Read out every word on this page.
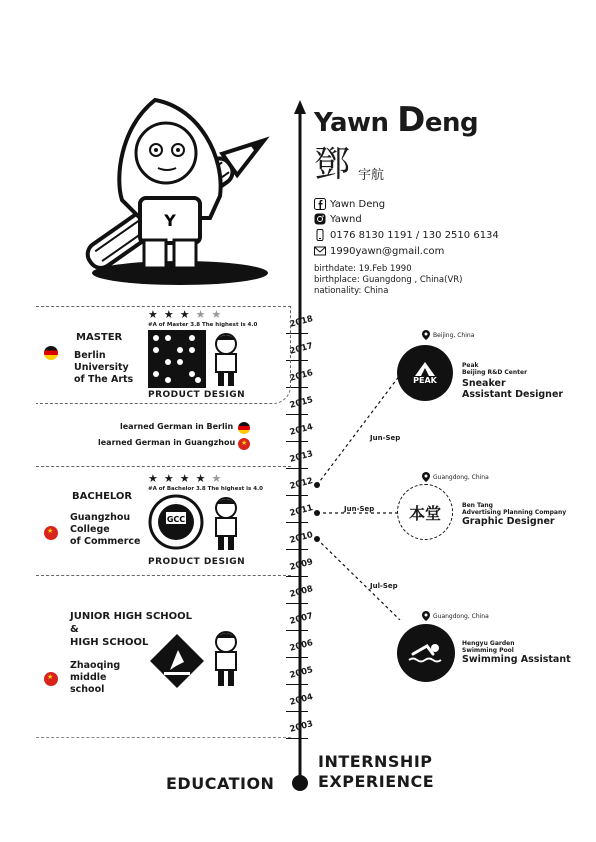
Y
Yawn Deng
鄧 宇航
Yawn Deng
Yawnd
0176 8130 1191 / 130 2510 6134
1990yawn@gmail.com
birthdate: 19.Feb 1990
birthplace: Guangdong , China(VR)
nationality: China
2018
2017
2016
2015
2014
2013
2012
2011
2010
2009
2008
2007
2006
2005
2004
2003
MASTER
Berlin
University
of The Arts
★★★★★
#A of Master 3.8 The highest is 4.0
PRODUCT DESIGN
learned German in Berlin
learned German in Guangzhou
★
★
BACHELOR
Guangzhou
College
of Commerce
★★★★★
#A of Bachelor 3.8 The highest is 4.0
GCC
PRODUCT DESIGN
★
JUNIOR HIGH SCHOOL
&
HIGH SCHOOL
Zhaoqing
middle
school
Beijing, China
PEAK
Peak
Beijing R&D Center
Sneaker
Assistant Designer
Jun-Sep
Guangdong, China
本堂	Ben Tang
Advertising Planning Company
Graphic Designer
Jun-Sep
Guangdong, China
Hengyu Garden
Swimming Pool
Swimming Assistant
Jul-Sep
EDUCATION
INTERNSHIP
EXPERIENCE
